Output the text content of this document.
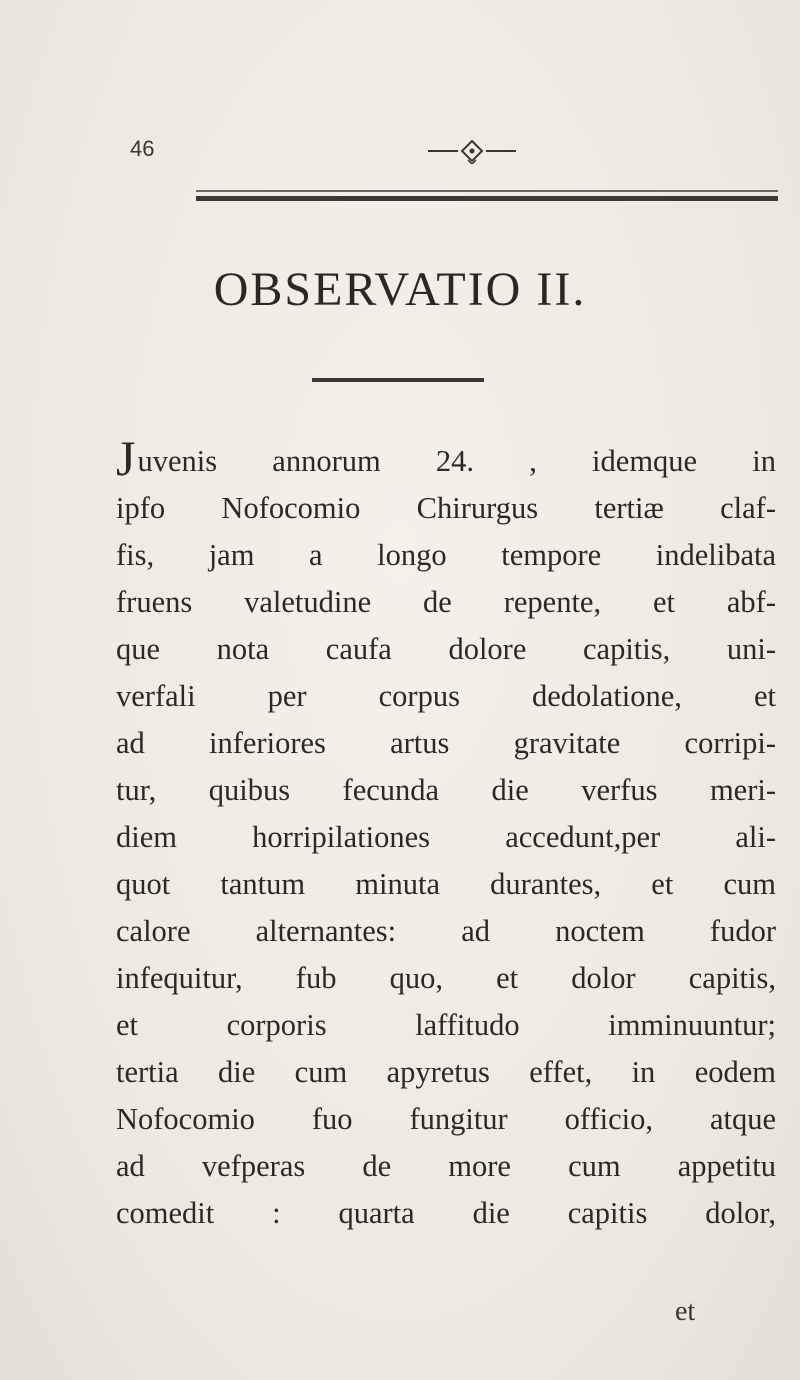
46
OBSERVATIO II.
Juvenis annorum 24. , idemque in
ipfo Nofocomio Chirurgus tertiæ claf-
fis, jam a longo tempore indelibata
fruens valetudine de repente, et abf-
que nota caufa dolore capitis, uni-
verfali per corpus dedolatione, et
ad inferiores artus gravitate corripi-
tur, quibus fecunda die verfus meri-
diem horripilationes accedunt,per ali-
quot tantum minuta durantes, et cum
calore alternantes: ad noctem fudor
infequitur, fub quo, et dolor capitis,
et corporis laffitudo imminuuntur;
tertia die cum apyretus effet, in eodem
Nofocomio fuo fungitur officio, atque
ad vefperas de more cum appetitu
comedit : quarta die capitis dolor,
et
